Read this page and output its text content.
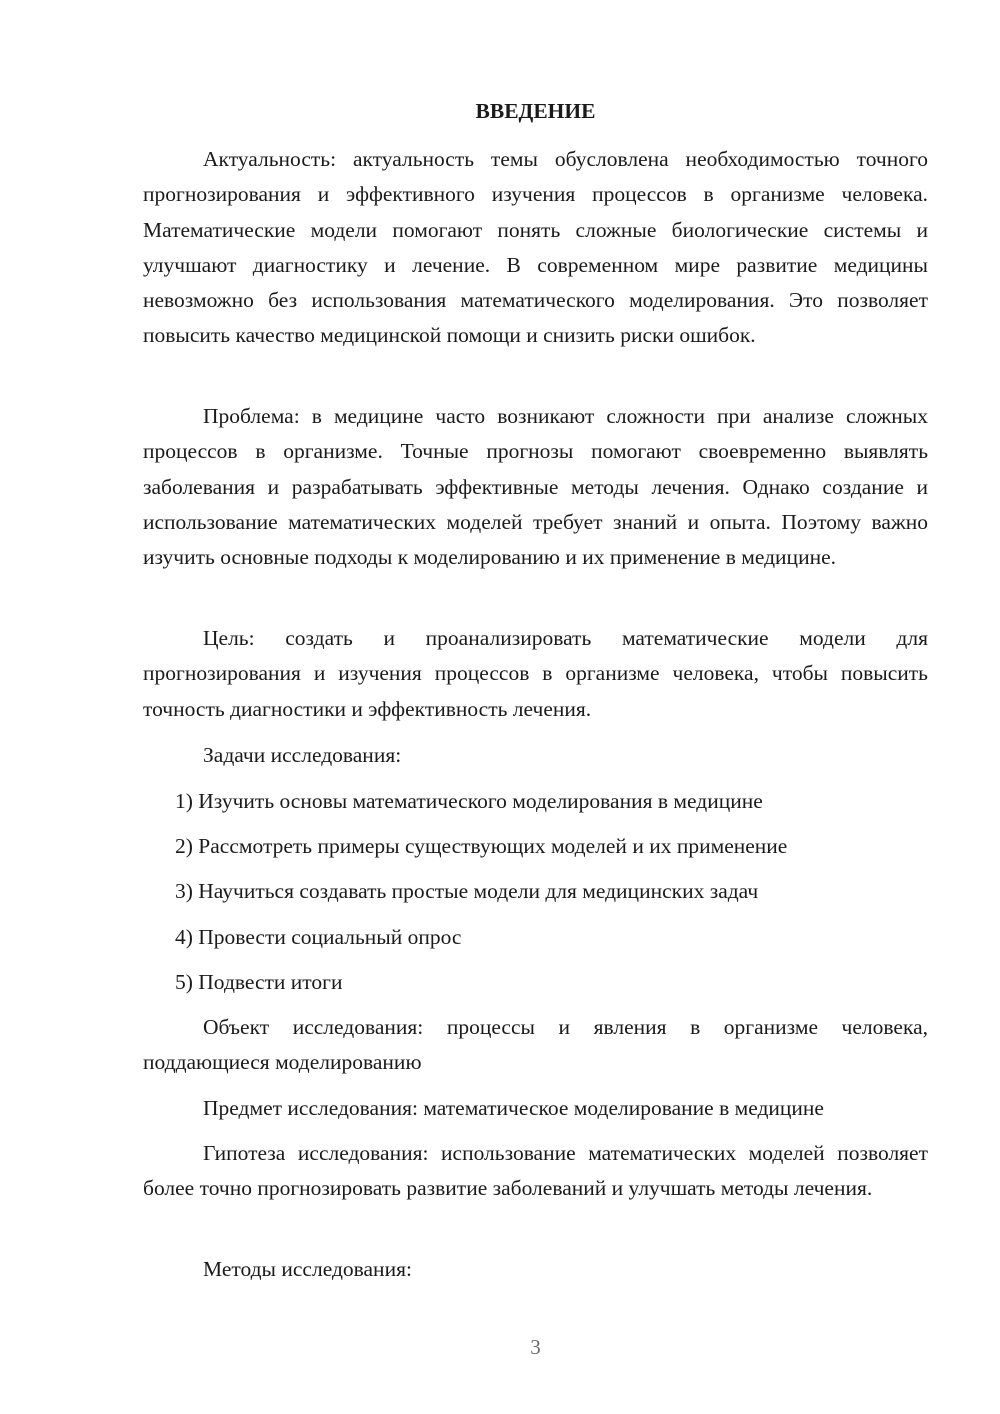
ВВЕДЕНИЕ

Актуальность: актуальность темы обусловлена необходимостью точного прогнозирования и эффективного изучения процессов в организме человека. Математические модели помогают понять сложные биологические системы и улучшают диагностику и лечение. В современном мире развитие медицины невозможно без использования математического моделирования. Это позволяет повысить качество медицинской помощи и снизить риски ошибок.

Проблема: в медицине часто возникают сложности при анализе сложных процессов в организме. Точные прогнозы помогают своевременно выявлять заболевания и разрабатывать эффективные методы лечения. Однако создание и использование математических моделей требует знаний и опыта. Поэтому важно изучить основные подходы к моделированию и их применение в медицине.

Цель: создать и проанализировать математические модели для прогнозирования и изучения процессов в организме человека, чтобы повысить точность диагностики и эффективность лечения.

Задачи исследования:

1) Изучить основы математического моделирования в медицине

2) Рассмотреть примеры существующих моделей и их применение

3) Научиться создавать простые модели для медицинских задач

4) Провести социальный опрос

5) Подвести итоги

Объект исследования: процессы и явления в организме человека, поддающиеся моделированию

Предмет исследования: математическое моделирование в медицине

Гипотеза исследования: использование математических моделей позволяет более точно прогнозировать развитие заболеваний и улучшать методы лечения.

Методы исследования:

3
